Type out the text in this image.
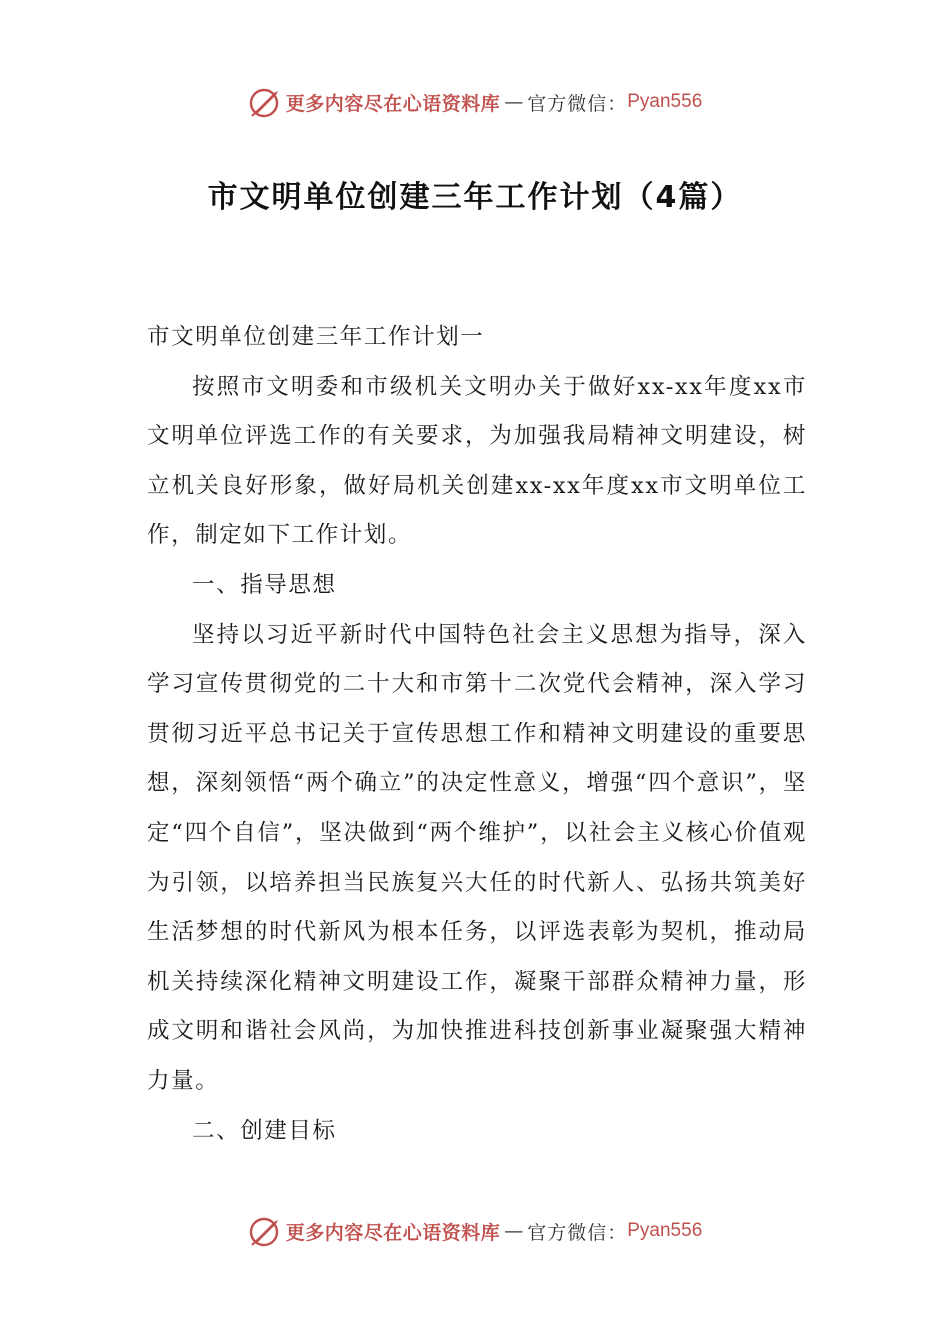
更多内容尽在心语资料库 — 官方微信： Pyan556
市文明单位创建三年工作计划（4篇）

市文明单位创建三年工作计划一

按照市文明委和市级机关文明办关于做好xx-xx年度xx市文明单位评选工作的有关要求，为加强我局精神文明建设，树立机关良好形象，做好局机关创建xx-xx年度xx市文明单位工作，制定如下工作计划。

一、指导思想

坚持以习近平新时代中国特色社会主义思想为指导，深入学习宣传贯彻党的二十大和市第十二次党代会精神，深入学习贯彻习近平总书记关于宣传思想工作和精神文明建设的重要思想，深刻领悟“两个确立”的决定性意义，增强“四个意识”，坚定“四个自信”，坚决做到“两个维护”，以社会主义核心价值观为引领，以培养担当民族复兴大任的时代新人、弘扬共筑美好生活梦想的时代新风为根本任务，以评选表彰为契机，推动局机关持续深化精神文明建设工作，凝聚干部群众精神力量，形成文明和谐社会风尚，为加快推进科技创新事业凝聚强大精神力量。

二、创建目标

更多内容尽在心语资料库 — 官方微信： Pyan556
